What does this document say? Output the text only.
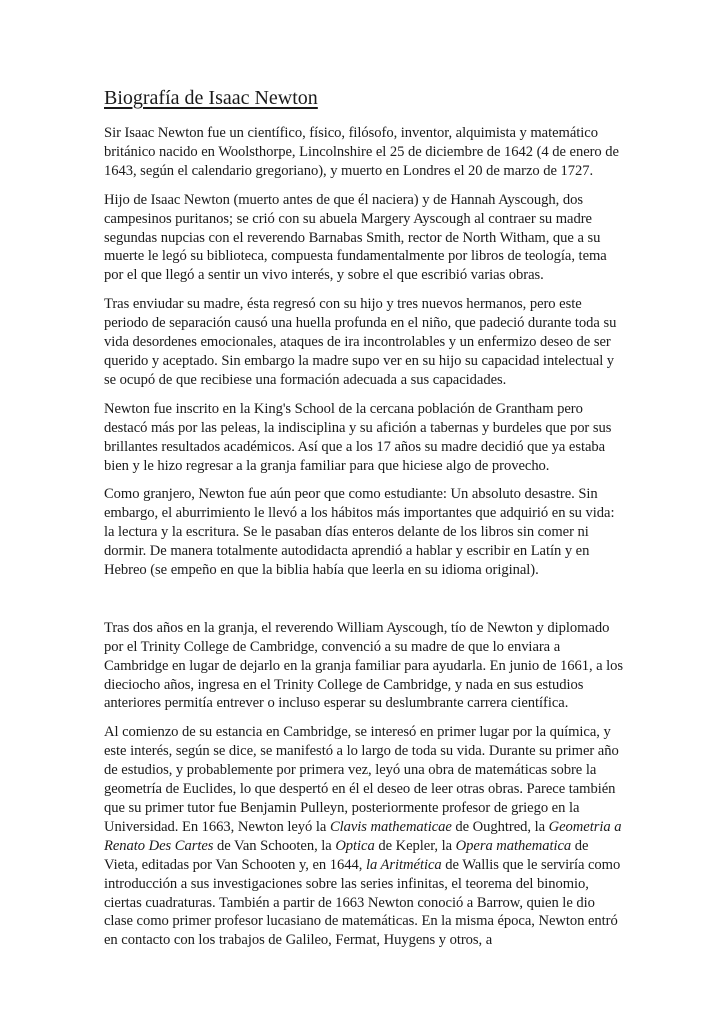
Biografía de Isaac Newton

Sir Isaac Newton fue un científico, físico, filósofo, inventor, alquimista y matemático británico nacido en Woolsthorpe, Lincolnshire el 25 de diciembre de 1642 (4 de enero de 1643, según el calendario gregoriano), y muerto en Londres el 20 de marzo de 1727.

Hijo de Isaac Newton (muerto antes de que él naciera) y de Hannah Ayscough, dos campesinos puritanos; se crió con su abuela Margery Ayscough al contraer su madre segundas nupcias con el reverendo Barnabas Smith, rector de North Witham, que a su muerte le legó su biblioteca, compuesta fundamentalmente por libros de teología, tema por el que llegó a sentir un vivo interés, y sobre el que escribió varias obras.

Tras enviudar su madre, ésta regresó con su hijo y tres nuevos hermanos, pero este periodo de separación causó una huella profunda en el niño, que padeció durante toda su vida desordenes emocionales, ataques de ira incontrolables y un enfermizo deseo de ser querido y aceptado. Sin embargo la madre supo ver en su hijo su capacidad intelectual y se ocupó de que recibiese una formación adecuada a sus capacidades.

Newton fue inscrito en la King's School de la cercana población de Grantham pero destacó más por las peleas, la indisciplina y su afición a tabernas y burdeles que por sus brillantes resultados académicos. Así que a los 17 años su madre decidió que ya estaba bien y le hizo regresar a la granja familiar para que hiciese algo de provecho.

Como granjero, Newton fue aún peor que como estudiante: Un absoluto desastre. Sin embargo, el aburrimiento le llevó a los hábitos más importantes que adquirió en su vida: la lectura y la escritura. Se le pasaban días enteros delante de los libros sin comer ni dormir. De manera totalmente autodidacta aprendió a hablar y escribir en Latín y en Hebreo (se empeño en que la biblia había que leerla en su idioma original).

Tras dos años en la granja, el reverendo William Ayscough, tío de Newton y diplomado por el Trinity College de Cambridge, convenció a su madre de que lo enviara a Cambridge en lugar de dejarlo en la granja familiar para ayudarla. En junio de 1661, a los dieciocho años, ingresa en el Trinity College de Cambridge, y nada en sus estudios anteriores permitía entrever o incluso esperar su deslumbrante carrera científica.

Al comienzo de su estancia en Cambridge, se interesó en primer lugar por la química, y este interés, según se dice, se manifestó a lo largo de toda su vida. Durante su primer año de estudios, y probablemente por primera vez, leyó una obra de matemáticas sobre la geometría de Euclides, lo que despertó en él el deseo de leer otras obras. Parece también que su primer tutor fue Benjamin Pulleyn, posteriormente profesor de griego en la Universidad. En 1663, Newton leyó la Clavis mathematicae de Oughtred, la Geometria a Renato Des Cartes de Van Schooten, la Optica de Kepler, la Opera mathematica de Vieta, editadas por Van Schooten y, en 1644, la Aritmética de Wallis que le serviría como introducción a sus investigaciones sobre las series infinitas, el teorema del binomio, ciertas cuadraturas. También a partir de 1663 Newton conoció a Barrow, quien le dio clase como primer profesor lucasiano de matemáticas. En la misma época, Newton entró en contacto con los trabajos de Galileo, Fermat, Huygens y otros, a
